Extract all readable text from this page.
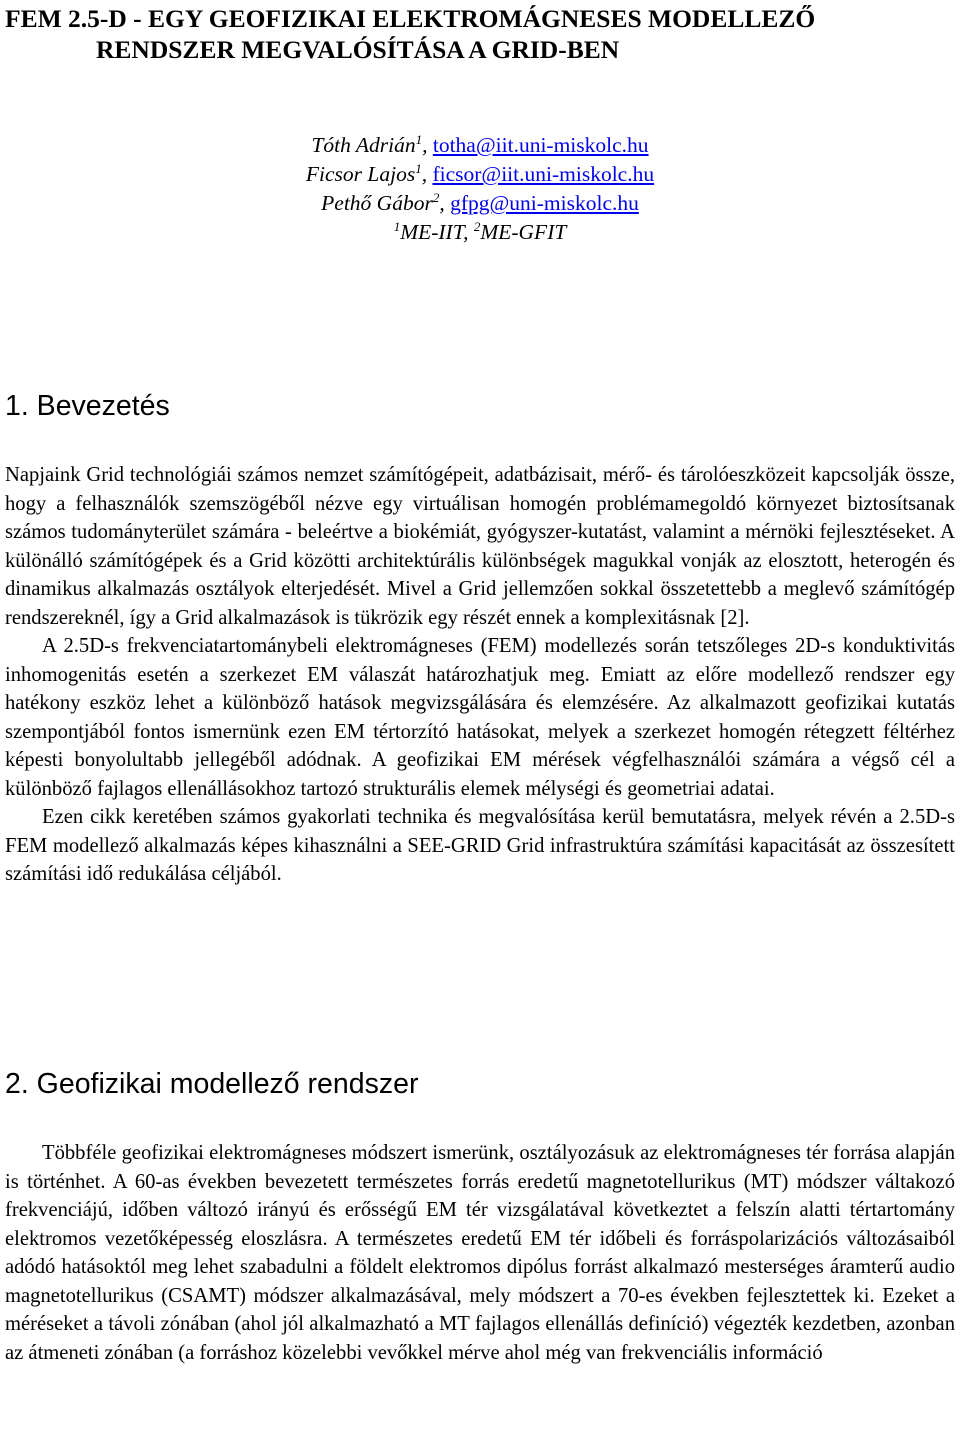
FEM 2.5-D - EGY GEOFIZIKAI ELEKTROMÁGNESES MODELLEZŐ
RENDSZER MEGVALÓSÍTÁSA A GRID-BEN
Tóth Adrián$^1$, totha@iit.uni-miskolc.hu
Ficsor Lajos$^1$, ficsor@iit.uni-miskolc.hu
Pethő Gábor$^2$, gfpg@uni-miskolc.hu
$^1$ME-IIT, $^2$ME-GFIT
1. Bevezetés

Napjaink Grid technológiái számos nemzet számítógépeit, adatbázisait, mérő- és tárolóeszközeit kapcsolják össze, hogy a felhasználók szemszögéből nézve egy virtuálisan homogén problémamegoldó környezet biztosítsanak számos tudományterület számára - beleértve a biokémiát, gyógyszer-kutatást, valamint a mérnöki fejlesztéseket. A különálló számítógépek és a Grid közötti architektúrális különbségek magukkal vonják az elosztott, heterogén és dinamikus alkalmazás osztályok elterjedését. Mivel a Grid jellemzően sokkal összetettebb a meglevő számítógép rendszereknél, így a Grid alkalmazások is tükrözik egy részét ennek a komplexitásnak [2].

A 2.5D-s frekvenciatartománybeli elektromágneses (FEM) modellezés során tetszőleges 2D-s konduktivitás inhomogenitás esetén a szerkezet EM válaszát határozhatjuk meg. Emiatt az előre modellező rendszer egy hatékony eszköz lehet a különböző hatások megvizsgálására és elemzésére. Az alkalmazott geofizikai kutatás szempontjából fontos ismernünk ezen EM tértorzító hatásokat, melyek a szerkezet homogén rétegzett féltérhez képesti bonyolultabb jellegéből adódnak. A geofizikai EM mérések végfelhasználói számára a végső cél a különböző fajlagos ellenállásokhoz tartozó strukturális elemek mélységi és geometriai adatai.

Ezen cikk keretében számos gyakorlati technika és megvalósítása kerül bemutatásra, melyek révén a 2.5D-s FEM modellező alkalmazás képes kihasználni a SEE-GRID Grid infrastruktúra számítási kapacitását az összesített számítási idő redukálása céljából.

2. Geofizikai modellező rendszer

Többféle geofizikai elektromágneses módszert ismerünk, osztályozásuk az elektromágneses tér forrása alapján is történhet. A 60-as években bevezetett természetes forrás eredetű magnetotellurikus (MT) módszer váltakozó frekvenciájú, időben változó irányú és erősségű EM tér vizsgálatával következtet a felszín alatti tértartomány elektromos vezetőképesség eloszlásra. A természetes eredetű EM tér időbeli és forráspolarizációs változásaiból adódó hatásoktól meg lehet szabadulni a földelt elektromos dipólus forrást alkalmazó mesterséges áramterű audio magnetotellurikus (CSAMT) módszer alkalmazásával, mely módszert a 70-es években fejlesztettek ki. Ezeket a méréseket a távoli zónában (ahol jól alkalmazható a MT fajlagos ellenállás definíció) végezték kezdetben, azonban az átmeneti zónában (a forráshoz közelebbi vevőkkel mérve ahol még van frekvenciális információ
